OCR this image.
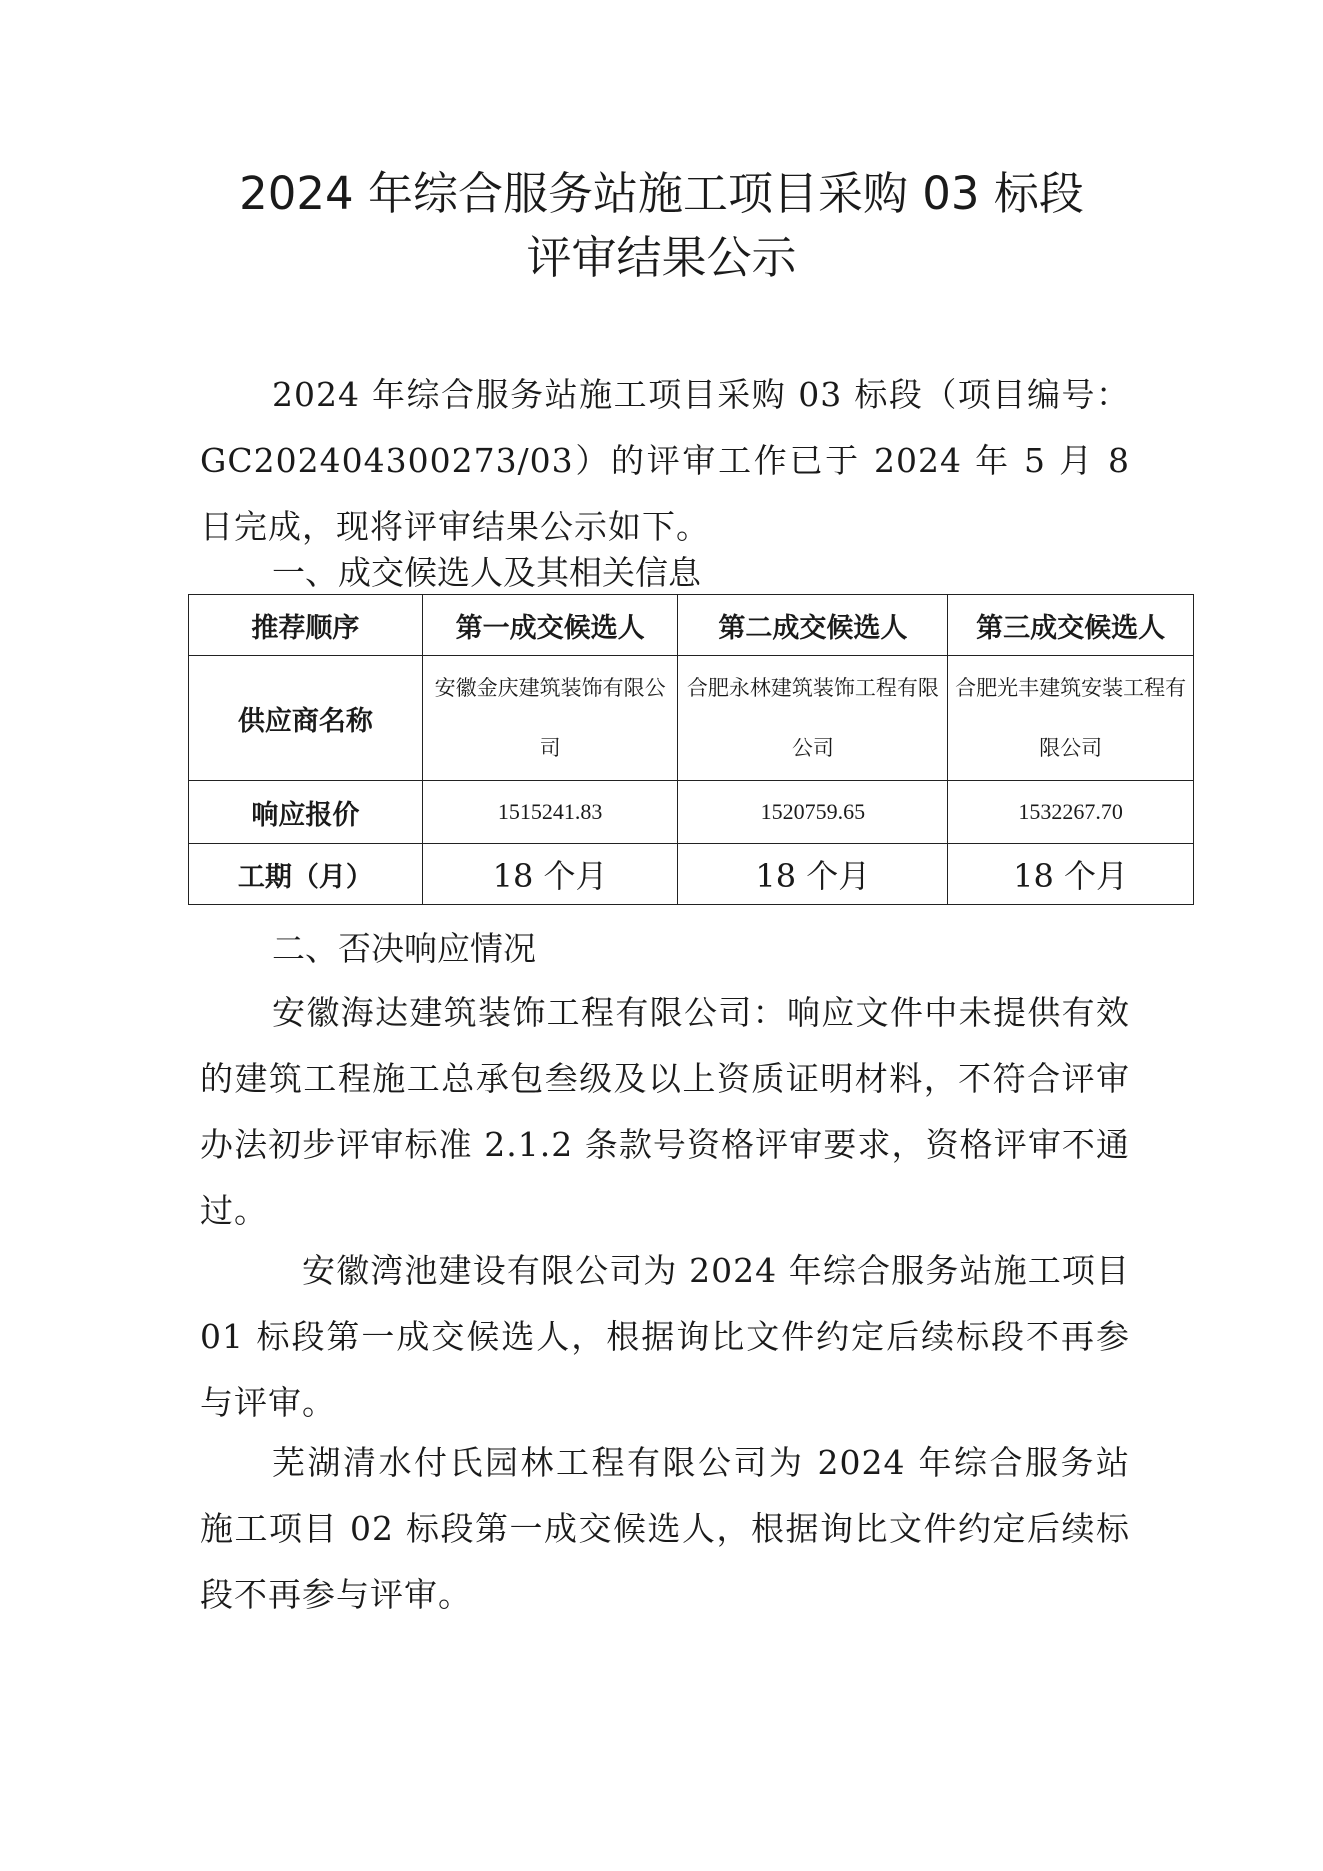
2024 年综合服务站施工项目采购 03 标段
评审结果公示
2024 年综合服务站施工项目采购 03 标段（项目编号：GC202404300273/03）的评审工作已于 2024 年 5 月 8 日完成，现将评审结果公示如下。
一、成交候选人及其相关信息
推荐顺序	第一成交候选人	第二成交候选人	第三成交候选人
供应商名称	安徽金庆建筑装饰有限公司	合肥永林建筑装饰工程有限公司	合肥光丰建筑安装工程有限公司
响应报价	1515241.83	1520759.65	1532267.70
工期（月）	18 个月	18 个月	18 个月
二、否决响应情况
安徽海达建筑装饰工程有限公司：响应文件中未提供有效的建筑工程施工总承包叁级及以上资质证明材料，不符合评审办法初步评审标准 2.1.2 条款号资格评审要求，资格评审不通过。
安徽湾池建设有限公司为 2024 年综合服务站施工项目 01 标段第一成交候选人，根据询比文件约定后续标段不再参与评审。
芜湖清水付氏园林工程有限公司为 2024 年综合服务站施工项目 02 标段第一成交候选人，根据询比文件约定后续标段不再参与评审。
